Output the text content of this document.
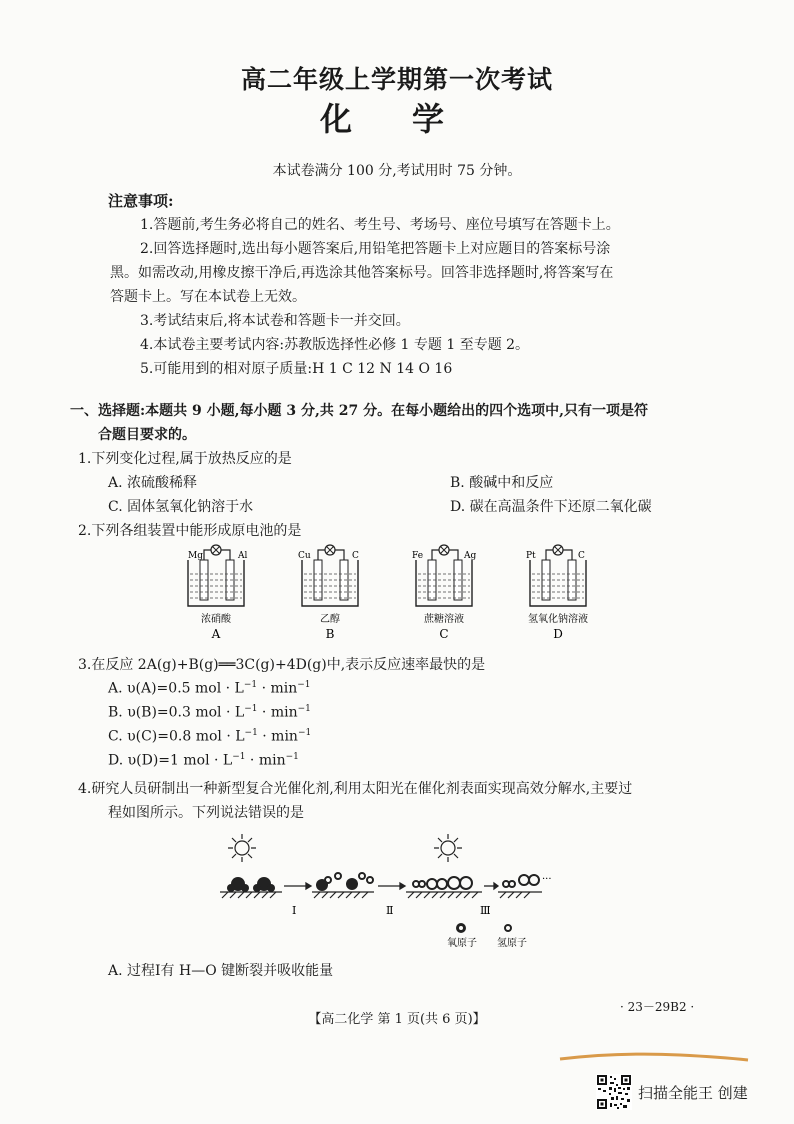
高二年级上学期第一次考试
化学
本试卷满分 100 分,考试用时 75 分钟。
注意事项:
1.答题前,考生务必将自己的姓名、考生号、考场号、座位号填写在答题卡上。
2.回答选择题时,选出每小题答案后,用铅笔把答题卡上对应题目的答案标号涂
黑。如需改动,用橡皮擦干净后,再选涂其他答案标号。回答非选择题时,将答案写在
答题卡上。写在本试卷上无效。
3.考试结束后,将本试卷和答题卡一并交回。
4.本试卷主要考试内容:苏教版选择性必修 1 专题 1 至专题 2。
5.可能用到的相对原子质量:H 1 C 12 N 14 O 16
一、选择题:本题共 9 小题,每小题 3 分,共 27 分。在每小题给出的四个选项中,只有一项是符
合题目要求的。
1.下列变化过程,属于放热反应的是
A. 浓硫酸稀释	B. 酸碱中和反应
C. 固体氢氧化钠溶于水	D. 碳在高温条件下还原二氧化碳
2.下列各组装置中能形成原电池的是
Mg	Al
浓硝酸
A
Cu	C
乙醇
B
Fe	Ag
蔗糖溶液
C
Pt	C
氢氧化钠溶液
D
3.在反应 2A(g)+B(g)══3C(g)+4D(g)中,表示反应速率最快的是
A. υ(A)=0.5 mol · $L^{-1} \cdot \min^{-1}$
B. υ(B)=0.3 mol · $L^{-1} \cdot \min^{-1}$
C. υ(C)=0.8 mol · $L^{-1} \cdot \min^{-1}$
D. υ(D)=1 mol · $L^{-1} \cdot \min^{-1}$
4.研究人员研制出一种新型复合光催化剂,利用太阳光在催化剂表面实现高效分解水,主要过
程如图所示。下列说法错误的是
···
Ⅰ	Ⅱ	Ⅲ
氧原子 氢原子
A. 过程Ⅰ有 H—O 键断裂并吸收能量
【高二化学 第 1 页(共 6 页)】
· 23－29B2 ·
扫描全能王 创建
